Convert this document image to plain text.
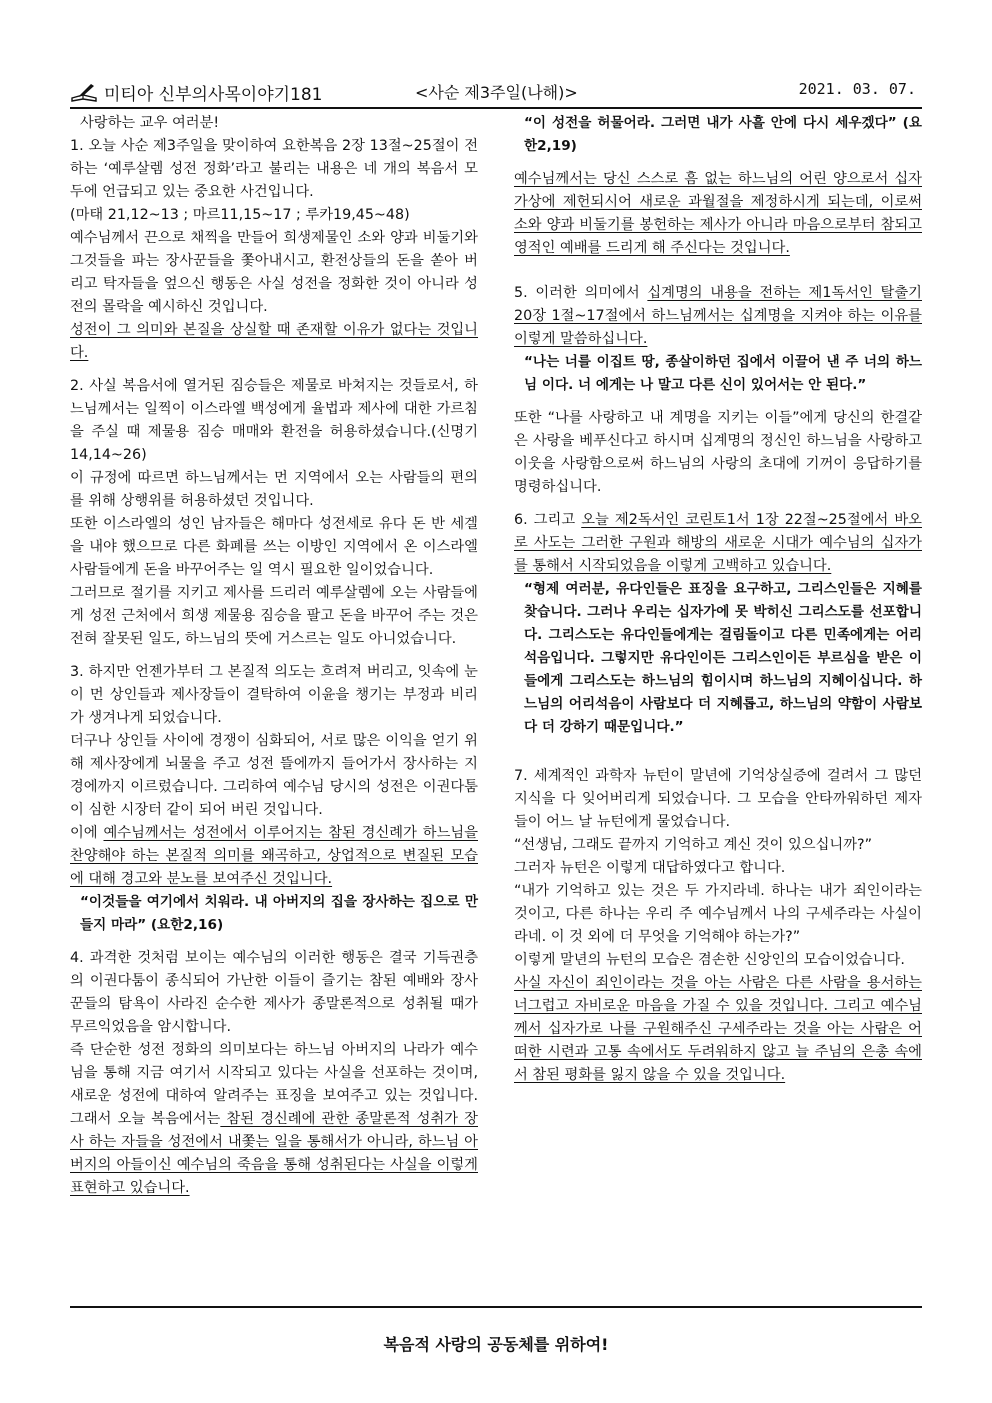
미티아 신부의사목이야기181	<사순 제3주일(나해)>	2021. 03. 07.

사랑하는 교우 여러분!

1. 오늘 사순 제3주일을 맞이하여 요한복음 2장 13절~25절이 전하는 ‘예루살렘 성전 정화’라고 불리는 내용은 네 개의 복음서 모두에 언급되고 있는 중요한 사건입니다.

(마태 21,12~13 ; 마르11,15~17 ; 루카19,45~48)

예수님께서 끈으로 채찍을 만들어 희생제물인 소와 양과 비둘기와 그것들을 파는 장사꾼들을 쫓아내시고, 환전상들의 돈을 쏟아 버리고 탁자들을 엎으신 행동은 사실 성전을 정화한 것이 아니라 성전의 몰락을 예시하신 것입니다.

성전이 그 의미와 본질을 상실할 때 존재할 이유가 없다는 것입니다.

2. 사실 복음서에 열거된 짐승들은 제물로 바쳐지는 것들로서, 하느님께서는 일찍이 이스라엘 백성에게 율법과 제사에 대한 가르침을 주실 때 제물용 짐승 매매와 환전을 허용하셨습니다.(신명기14,14~26)

이 규정에 따르면 하느님께서는 먼 지역에서 오는 사람들의 편의를 위해 상행위를 허용하셨던 것입니다.

또한 이스라엘의 성인 남자들은 해마다 성전세로 유다 돈 반 세겔 을 내야 했으므로 다른 화폐를 쓰는 이방인 지역에서 온 이스라엘 사람들에게 돈을 바꾸어주는 일 역시 필요한 일이었습니다.

그러므로 절기를 지키고 제사를 드리러 예루살렘에 오는 사람들에 게 성전 근처에서 희생 제물용 짐승을 팔고 돈을 바꾸어 주는 것은 전혀 잘못된 일도, 하느님의 뜻에 거스르는 일도 아니었습니다.

3. 하지만 언젠가부터 그 본질적 의도는 흐려져 버리고, 잇속에 눈이 먼 상인들과 제사장들이 결탁하여 이윤을 챙기는 부정과 비리가 생겨나게 되었습니다.

더구나 상인들 사이에 경쟁이 심화되어, 서로 많은 이익을 얻기 위해 제사장에게 뇌물을 주고 성전 뜰에까지 들어가서 장사하는 지경에까지 이르렀습니다. 그리하여 예수님 당시의 성전은 이권다툼이 심한 시장터 같이 되어 버린 것입니다.

이에 예수님께서는 성전에서 이루어지는 참된 경신례가 하느님을 찬양해야 하는 본질적 의미를 왜곡하고, 상업적으로 변질된 모습에 대해 경고와 분노를 보여주신 것입니다.

“이것들을 여기에서 치워라. 내 아버지의 집을 장사하는 집으로 만들지 마라” (요한2,16)

4. 과격한 것처럼 보이는 예수님의 이러한 행동은 결국 기득권층의 이권다툼이 종식되어 가난한 이들이 즐기는 참된 예배와 장사꾼들의 탐욕이 사라진 순수한 제사가 종말론적으로 성취될 때가 무르익었음을 암시합니다.

즉 단순한 성전 정화의 의미보다는 하느님 아버지의 나라가 예수님을 통해 지금 여기서 시작되고 있다는 사실을 선포하는 것이며, 새로운 성전에 대하여 알려주는 표징을 보여주고 있는 것입니다. 그래서 오늘 복음에서는 참된 경신례에 관한 종말론적 성취가 장사 하는 자들을 성전에서 내쫓는 일을 통해서가 아니라, 하느님 아버지의 아들이신 예수님의 죽음을 통해 성취된다는 사실을 이렇게 표현하고 있습니다.

“이 성전을 허물어라. 그러면 내가 사흘 안에 다시 세우겠다” (요한2,19)

예수님께서는 당신 스스로 흠 없는 하느님의 어린 양으로서 십자가상에 제헌되시어 새로운 과월절을 제정하시게 되는데, 이로써 소와 양과 비둘기를 봉헌하는 제사가 아니라 마음으로부터 참되고 영적인 예배를 드리게 해 주신다는 것입니다.

5. 이러한 의미에서 십계명의 내용을 전하는 제1독서인 탈출기 20장 1절~17절에서 하느님께서는 십계명을 지켜야 하는 이유를 이렇게 말씀하십니다.

“나는 너를 이집트 땅, 종살이하던 집에서 이끌어 낸 주 너의 하느님 이다. 너 에게는 나 말고 다른 신이 있어서는 안 된다.”

또한 “나를 사랑하고 내 계명을 지키는 이들”에게 당신의 한결같은 사랑을 베푸신다고 하시며 십계명의 정신인 하느님을 사랑하고 이웃을 사랑함으로써 하느님의 사랑의 초대에 기꺼이 응답하기를 명령하십니다.

6. 그리고 오늘 제2독서인 코린토1서 1장 22절~25절에서 바오로 사도는 그러한 구원과 해방의 새로운 시대가 예수님의 십자가를 통해서 시작되었음을 이렇게 고백하고 있습니다.

“형제 여러분, 유다인들은 표징을 요구하고, 그리스인들은 지혜를 찾습니다. 그러나 우리는 십자가에 못 박히신 그리스도를 선포합니다. 그리스도는 유다인들에게는 걸림돌이고 다른 민족에게는 어리석음입니다. 그렇지만 유다인이든 그리스인이든 부르심을 받은 이들에게 그리스도는 하느님의 힘이시며 하느님의 지혜이십니다. 하느님의 어리석음이 사람보다 더 지혜롭고, 하느님의 약함이 사람보다 더 강하기 때문입니다.”

7. 세계적인 과학자 뉴턴이 말년에 기억상실증에 걸려서 그 많던 지식을 다 잊어버리게 되었습니다. 그 모습을 안타까워하던 제자들이 어느 날 뉴턴에게 물었습니다.

“선생님, 그래도 끝까지 기억하고 계신 것이 있으십니까?”

그러자 뉴턴은 이렇게 대답하였다고 합니다.

“내가 기억하고 있는 것은 두 가지라네. 하나는 내가 죄인이라는 것이고, 다른 하나는 우리 주 예수님께서 나의 구세주라는 사실이라네. 이 것 외에 더 무엇을 기억해야 하는가?”

이렇게 말년의 뉴턴의 모습은 겸손한 신앙인의 모습이었습니다.

사실 자신이 죄인이라는 것을 아는 사람은 다른 사람을 용서하는 너그럽고 자비로운 마음을 가질 수 있을 것입니다. 그리고 예수님께서 십자가로 나를 구원해주신 구세주라는 것을 아는 사람은 어떠한 시련과 고통 속에서도 두려워하지 않고 늘 주님의 은총 속에서 참된 평화를 잃지 않을 수 있을 것입니다.

복음적 사랑의 공동체를 위하여!
